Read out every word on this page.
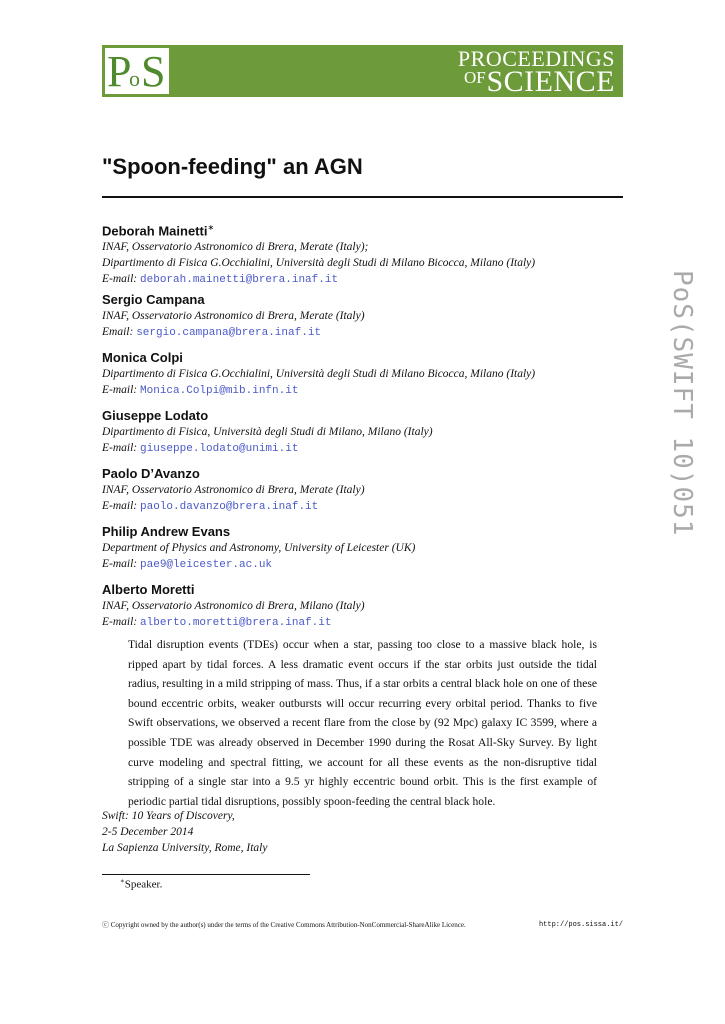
P
o S	PROCEEDINGS
OF SCIENCE
"Spoon-feeding" an AGN
Deborah Mainetti∗
INAF, Osservatorio Astronomico di Brera, Merate (Italy);
Dipartimento di Fisica G.Occhialini, Università degli Studi di Milano Bicocca, Milano (Italy)
E-mail: deborah.mainetti@brera.inaf.it
Sergio Campana
INAF, Osservatorio Astronomico di Brera, Merate (Italy)
Email: sergio.campana@brera.inaf.it
Monica Colpi
Dipartimento di Fisica G.Occhialini, Università degli Studi di Milano Bicocca, Milano (Italy)
E-mail: Monica.Colpi@mib.infn.it
Giuseppe Lodato
Dipartimento di Fisica, Università degli Studi di Milano, Milano (Italy)
E-mail: giuseppe.lodato@unimi.it
Paolo D’Avanzo
INAF, Osservatorio Astronomico di Brera, Merate (Italy)
E-mail: paolo.davanzo@brera.inaf.it
Philip Andrew Evans
Department of Physics and Astronomy, University of Leicester (UK)
E-mail: pae9@leicester.ac.uk
Alberto Moretti
INAF, Osservatorio Astronomico di Brera, Milano (Italy)
E-mail: alberto.moretti@brera.inaf.it
Tidal disruption events (TDEs) occur when a star, passing too close to a massive black hole, is ripped apart by tidal forces. A less dramatic event occurs if the star orbits just outside the tidal radius, resulting in a mild stripping of mass. Thus, if a star orbits a central black hole on one of these bound eccentric orbits, weaker outbursts will occur recurring every orbital period. Thanks to five Swift observations, we observed a recent flare from the close by (92 Mpc) galaxy IC 3599, where a possible TDE was already observed in December 1990 during the Rosat All-Sky Survey. By light curve modeling and spectral fitting, we account for all these events as the non-disruptive tidal stripping of a single star into a 9.5 yr highly eccentric bound orbit. This is the first example of periodic partial tidal disruptions, possibly spoon-feeding the central black hole.
Swift: 10 Years of Discovery,
2-5 December 2014
La Sapienza University, Rome, Italy
∗Speaker.
ⓒ Copyright owned by the author(s) under the terms of the Creative Commons Attribution-NonCommercial-ShareAlike Licence.	http://pos.sissa.it/
PoS(SWIFT 10)051
